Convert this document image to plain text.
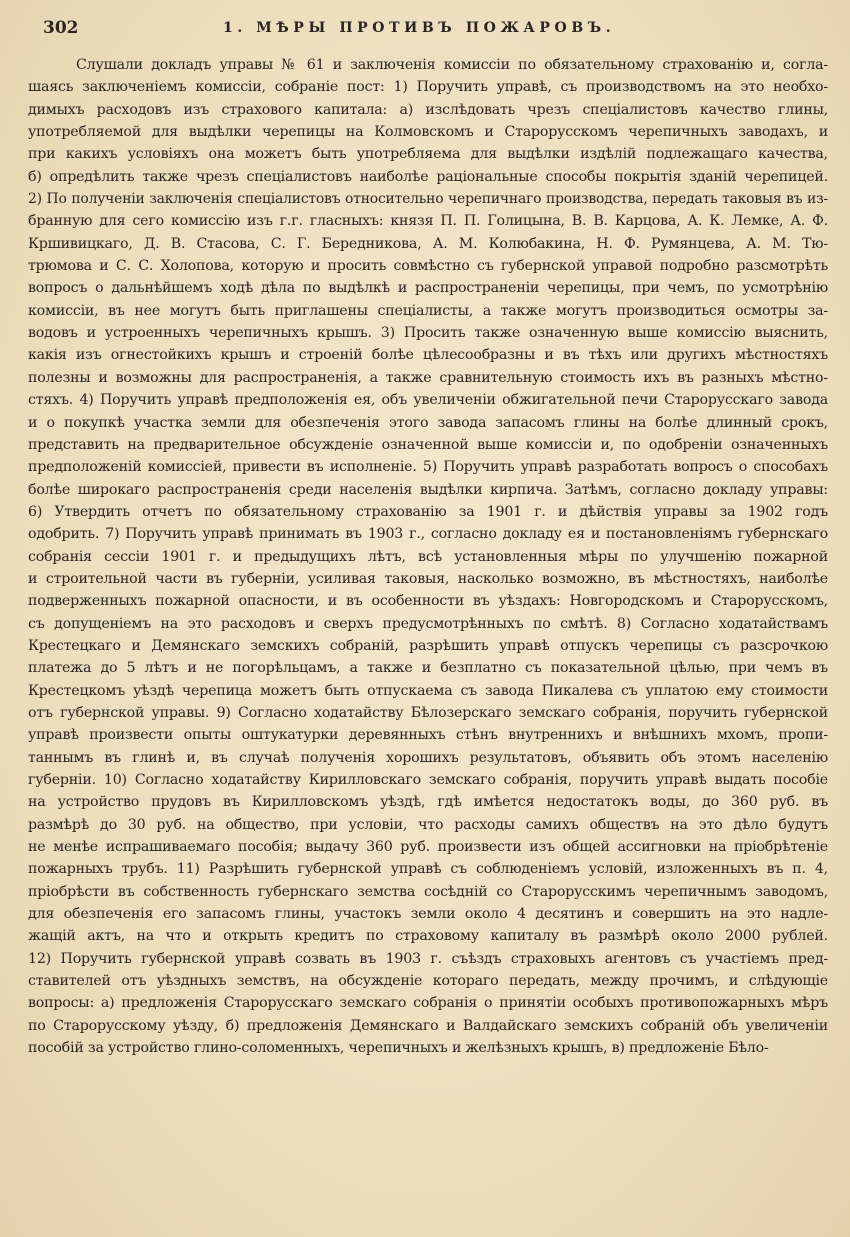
302	1. МѢРЫ ПРОТИВЪ ПОЖАРОВЪ.
Слушали докладъ управы № 61 и заключенія комиссіи по обязательному страхованію и, согла-
шаясь заключеніемъ комиссіи, собраніе пост: 1) Поручить управѣ, съ производствомъ на это необхо-
димыхъ расходовъ изъ страхового капитала: а) изслѣдовать чрезъ спеціалистовъ качество глины,
употребляемой для выдѣлки черепицы на Колмовскомъ и Старорусскомъ черепичныхъ заводахъ, и
при какихъ условіяхъ она можетъ быть употребляема для выдѣлки издѣлій подлежащаго качества,
б) опредѣлить также чрезъ спеціалистовъ наиболѣе раціональные способы покрытія зданій черепицей.
2) По полученіи заключенія спеціалистовъ относительно черепичнаго производства, передать таковыя въ из-
бранную для сего комиссію изъ г.г. гласныхъ: князя П. П. Голицына, В. В. Карцова, А. К. Лемке, А. Ф.
Кршивицкаго, Д. В. Стасова, С. Г. Бередникова, А. М. Колюбакина, Н. Ф. Румянцева, А. М. Тю-
трюмова и С. С. Холопова, которую и просить совмѣстно съ губернской управой подробно разсмотрѣть
вопросъ о дальнѣйшемъ ходѣ дѣла по выдѣлкѣ и распространеніи черепицы, при чемъ, по усмотрѣнію
комиссіи, въ нее могутъ быть приглашены спеціалисты, а также могутъ производиться осмотры за-
водовъ и устроенныхъ черепичныхъ крышъ. 3) Просить также означенную выше комиссію выяснить,
какія изъ огнестойкихъ крышъ и строеній болѣе цѣлесообразны и въ тѣхъ или другихъ мѣстностяхъ
полезны и возможны для распространенія, а также сравнительную стоимость ихъ въ разныхъ мѣстно-
стяхъ. 4) Поручить управѣ предположенія ея, объ увеличеніи обжигательной печи Старорусскаго завода
и о покупкѣ участка земли для обезпеченія этого завода запасомъ глины на болѣе длинный срокъ,
представить на предварительное обсужденіе означенной выше комиссіи и, по одобреніи означенныхъ
предположеній комиссіей, привести въ исполненіе. 5) Поручить управѣ разработать вопросъ о способахъ
болѣе широкаго распространенія среди населенія выдѣлки кирпича. Затѣмъ, согласно докладу управы:
6) Утвердить отчетъ по обязательному страхованію за 1901 г. и дѣйствія управы за 1902 годъ
одобрить. 7) Поручить управѣ принимать въ 1903 г., согласно докладу ея и постановленіямъ губернскаго
собранія сессіи 1901 г. и предыдущихъ лѣтъ, всѣ установленныя мѣры по улучшенію пожарной
и строительной части въ губерніи, усиливая таковыя, насколько возможно, въ мѣстностяхъ, наиболѣе
подверженныхъ пожарной опасности, и въ особенности въ уѣздахъ: Новгородскомъ и Старорусскомъ,
съ допущеніемъ на это расходовъ и сверхъ предусмотрѣнныхъ по смѣтѣ. 8) Согласно ходатайствамъ
Крестецкаго и Демянскаго земскихъ собраній, разрѣшить управѣ отпускъ черепицы съ разсрочкою
платежа до 5 лѣтъ и не погорѣльцамъ, а также и безплатно съ показательной цѣлью, при чемъ въ
Крестецкомъ уѣздѣ черепица можетъ быть отпускаема съ завода Пикалева съ уплатою ему стоимости
отъ губернской управы. 9) Согласно ходатайству Бѣлозерскаго земскаго собранія, поручить губернской
управѣ произвести опыты оштукатурки деревянныхъ стѣнъ внутреннихъ и внѣшнихъ мхомъ, пропи-
таннымъ въ глинѣ и, въ случаѣ полученія хорошихъ результатовъ, объявить объ этомъ населенію
губерніи. 10) Согласно ходатайству Кирилловскаго земскаго собранія, поручить управѣ выдать пособіе
на устройство прудовъ въ Кирилловскомъ уѣздѣ, гдѣ имѣется недостатокъ воды, до 360 руб. въ
размѣрѣ до 30 руб. на общество, при условіи, что расходы самихъ обществъ на это дѣло будутъ
не менѣе испрашиваемаго пособія; выдачу 360 руб. произвести изъ общей ассигновки на пріобрѣтеніе
пожарныхъ трубъ. 11) Разрѣшить губернской управѣ съ соблюденіемъ условій, изложенныхъ въ п. 4,
пріобрѣсти въ собственность губернскаго земства сосѣдній со Старорусскимъ черепичнымъ заводомъ,
для обезпеченія его запасомъ глины, участокъ земли около 4 десятинъ и совершить на это надле-
жащій актъ, на что и открыть кредитъ по страховому капиталу въ размѣрѣ около 2000 рублей.
12) Поручить губернской управѣ созвать въ 1903 г. съѣздъ страховыхъ агентовъ съ участіемъ пред-
ставителей отъ уѣздныхъ земствъ, на обсужденіе котораго передать, между прочимъ, и слѣдующіе
вопросы: а) предложенія Старорусскаго земскаго собранія о принятіи особыхъ противопожарныхъ мѣръ
по Старорусскому уѣзду, б) предложенія Демянскаго и Валдайскаго земскихъ собраній объ увеличеніи
пособій за устройство глино-соломенныхъ, черепичныхъ и желѣзныхъ крышъ, в) предложеніе Бѣло-
